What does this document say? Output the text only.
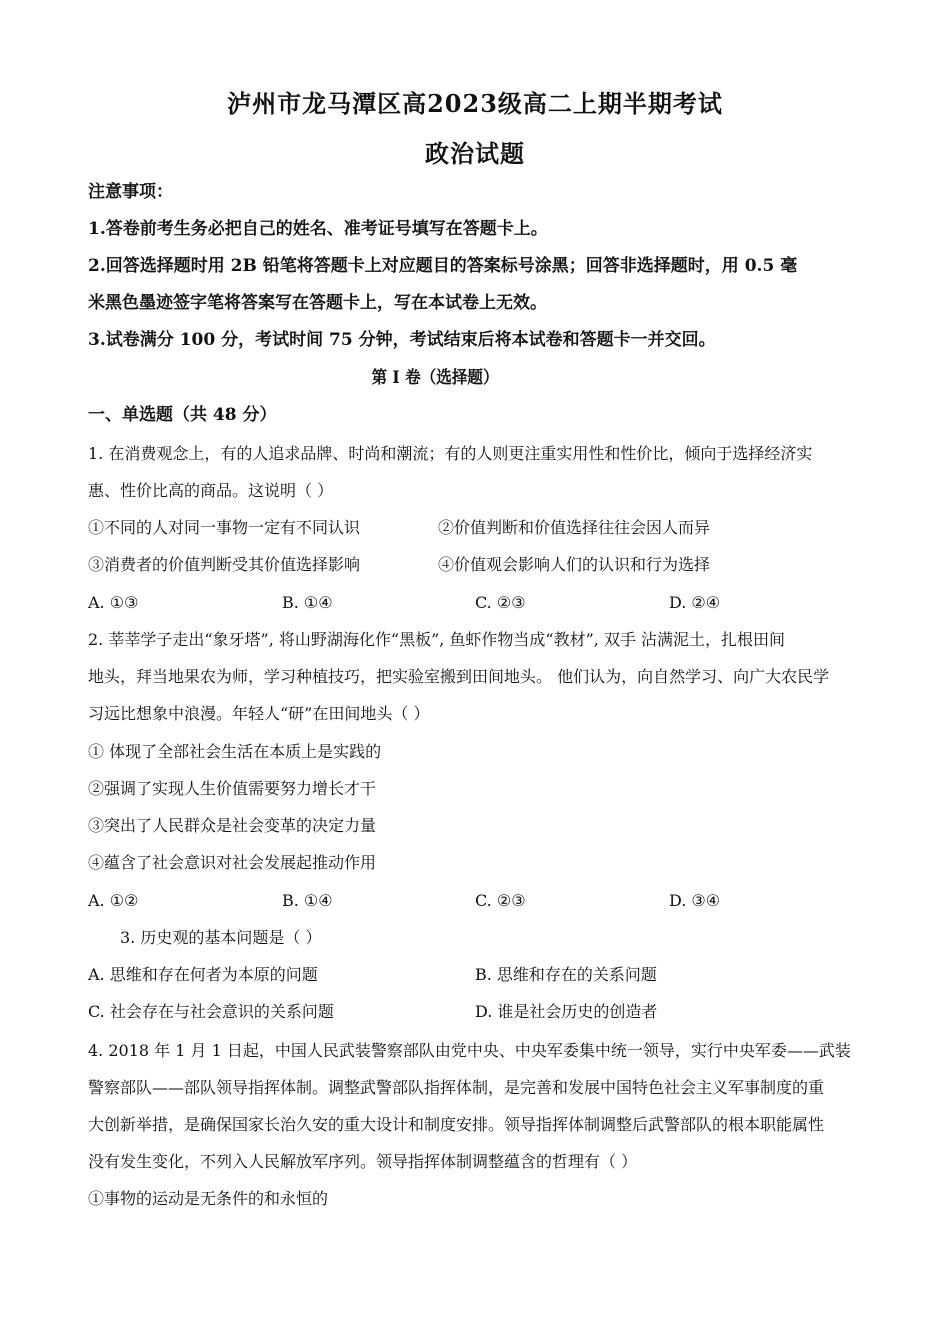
泸州市龙马潭区高2023级高二上期半期考试
政治试题
注意事项：
1.答卷前考生务必把自己的姓名、准考证号填写在答题卡上。
2.回答选择题时用 2B 铅笔将答题卡上对应题目的答案标号涂黑；回答非选择题时，用 0.5 毫
米黑色墨迹签字笔将答案写在答题卡上，写在本试卷上无效。
3.试卷满分 100 分，考试时间 75 分钟，考试结束后将本试卷和答题卡一并交回。
第 I 卷（选择题）
一、单选题（共 48 分）
1. 在消费观念上，有的人追求品牌、时尚和潮流；有的人则更注重实用性和性价比，倾向于选择经济实
惠、性价比高的商品。这说明（ ）
①不同的人对同一事物一定有不同认识	②价值判断和价值选择往往会因人而异
③消费者的价值判断受其价值选择影响	④价值观会影响人们的认识和行为选择
A. ①③	B. ①④	C. ②③	D. ②④
2. 莘莘学子走出“象牙塔”, 将山野湖海化作“黑板”, 鱼虾作物当成“教材”, 双手 沾满泥土，扎根田间
地头，拜当地果农为师，学习种植技巧，把实验室搬到田间地头。 他们认为，向自然学习、向广大农民学
习远比想象中浪漫。年轻人“研”在田间地头（ ）
① 体现了全部社会生活在本质上是实践的
②强调了实现人生价值需要努力增长才干
③突出了人民群众是社会变革的决定力量
④蕴含了社会意识对社会发展起推动作用
A. ①②	B. ①④	C. ②③	D. ③④
3. 历史观的基本问题是（ ）
A. 思维和存在何者为本原的问题	B. 思维和存在的关系问题
C. 社会存在与社会意识的关系问题	D. 谁是社会历史的创造者
4. 2018 年 1 月 1 日起，中国人民武装警察部队由党中央、中央军委集中统一领导，实行中央军委——武装
警察部队——部队领导指挥体制。调整武警部队指挥体制，是完善和发展中国特色社会主义军事制度的重
大创新举措，是确保国家长治久安的重大设计和制度安排。领导指挥体制调整后武警部队的根本职能属性
没有发生变化，不列入人民解放军序列。领导指挥体制调整蕴含的哲理有（ ）
①事物的运动是无条件的和永恒的
